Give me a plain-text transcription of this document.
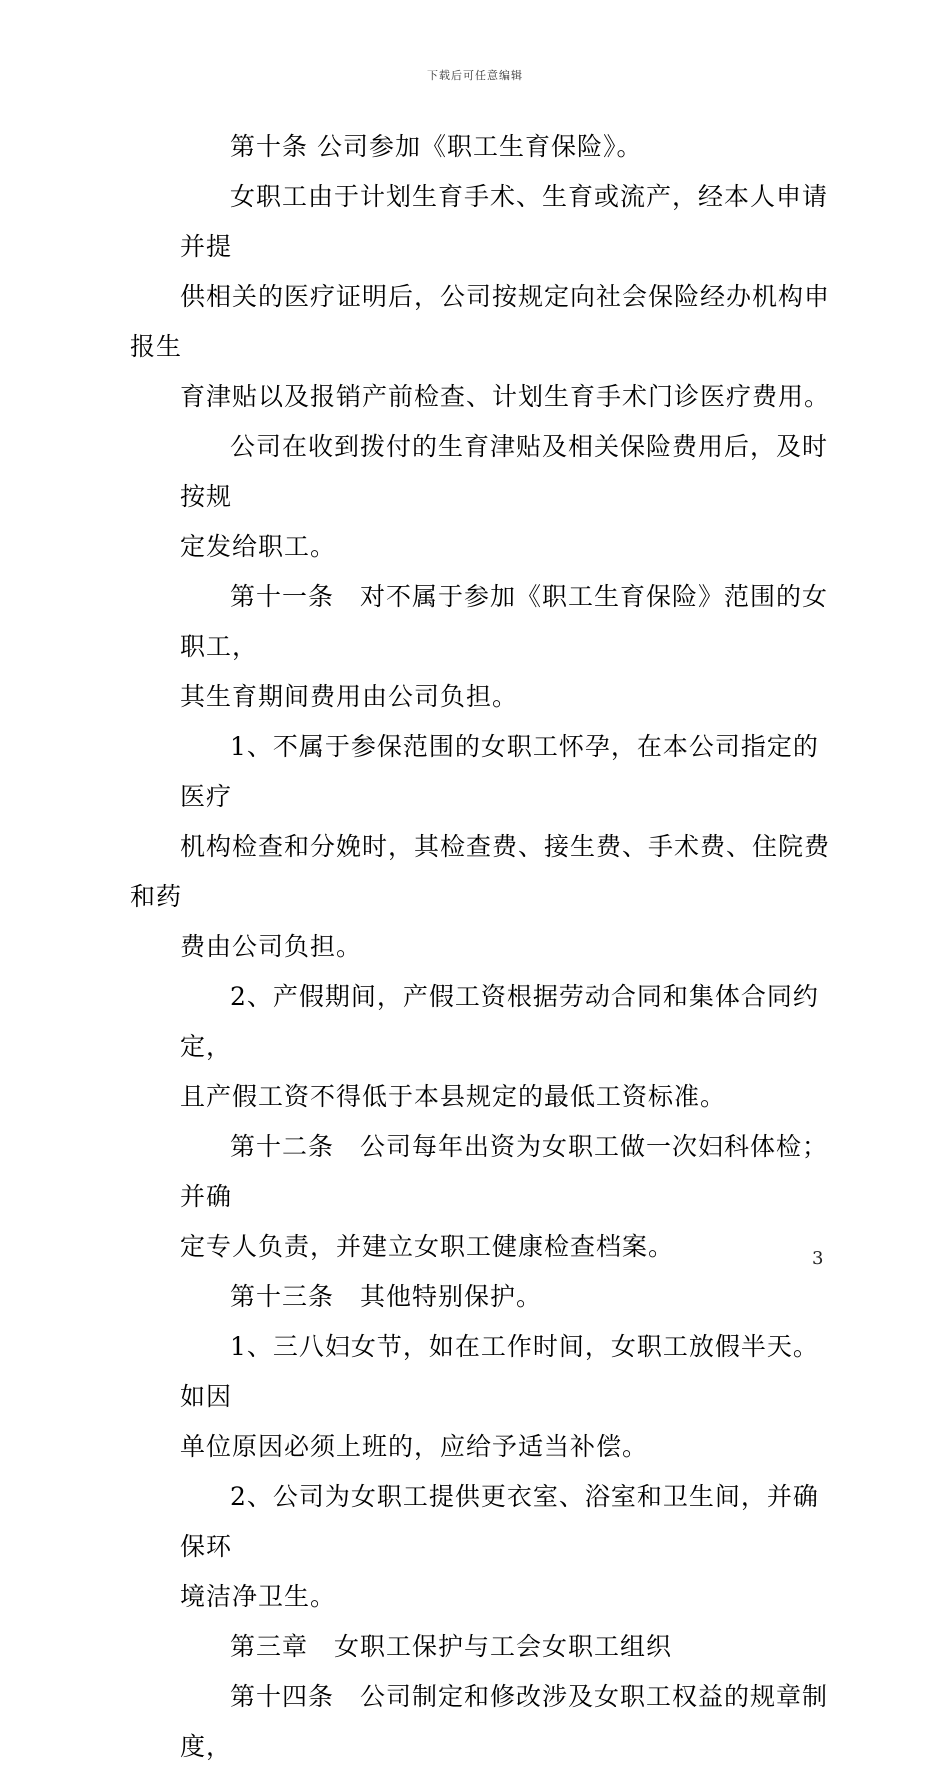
下载后可任意编辑
第十条 公司参加《职工生育保险》。
女职工由于计划生育手术、生育或流产，经本人申请并提
供相关的医疗证明后，公司按规定向社会保险经办机构申报生
育津贴以及报销产前检查、计划生育手术门诊医疗费用。
公司在收到拨付的生育津贴及相关保险费用后，及时按规
定发给职工。
第十一条　对不属于参加《职工生育保险》范围的女职工，
其生育期间费用由公司负担。
1、不属于参保范围的女职工怀孕，在本公司指定的医疗
机构检查和分娩时，其检查费、接生费、手术费、住院费和药
费由公司负担。
2、产假期间，产假工资根据劳动合同和集体合同约定，
且产假工资不得低于本县规定的最低工资标准。
第十二条　公司每年出资为女职工做一次妇科体检；并确
定专人负责，并建立女职工健康检查档案。
第十三条　其他特别保护。
1、三八妇女节，如在工作时间，女职工放假半天。如因
单位原因必须上班的，应给予适当补偿。
2、公司为女职工提供更衣室、浴室和卫生间，并确保环
境洁净卫生。
第三章　女职工保护与工会女职工组织
第十四条　公司制定和修改涉及女职工权益的规章制度，
3
